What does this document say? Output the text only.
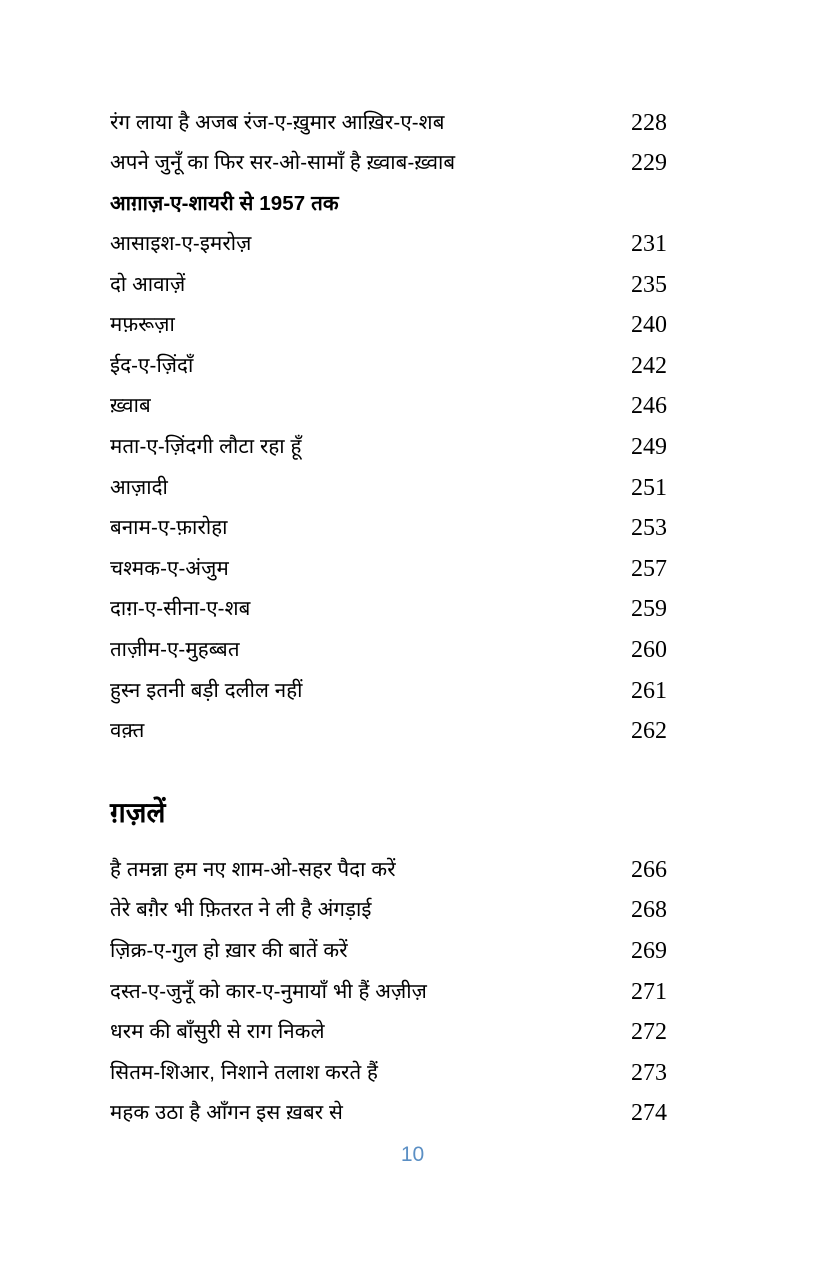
रंग लाया है अजब रंज-ए-ख़ुमार आख़िर-ए-शब	228
अपने जुनूँ का फिर सर-ओ-सामाँ है ख़्वाब-ख़्वाब	229
आग़ाज़-ए-शायरी से 1957 तक
आसाइश-ए-इमरोज़	231
दो आवाज़ें	235
मफ़रूज़ा	240
ईद-ए-ज़िंदाँ	242
ख़्वाब	246
मता-ए-ज़िंदगी लौटा रहा हूँ	249
आज़ादी	251
बनाम-ए-फ़ारोहा	253
चश्मक-ए-अंजुम	257
दाग़-ए-सीना-ए-शब	259
ताज़ीम-ए-मुहब्बत	260
हुस्न इतनी बड़ी दलील नहीं	261
वक़्त	262
ग़ज़लें
है तमन्ना हम नए शाम-ओ-सहर पैदा करें	266
तेरे बग़ैर भी फ़ितरत ने ली है अंगड़ाई	268
ज़िक्र-ए-गुल हो ख़ार की बातें करें	269
दस्त-ए-जुनूँ को कार-ए-नुमायाँ भी हैं अज़ीज़	271
धरम की बाँसुरी से राग निकले	272
सितम-शिआर, निशाने तलाश करते हैं	273
महक उठा है आँगन इस ख़बर से	274
10
